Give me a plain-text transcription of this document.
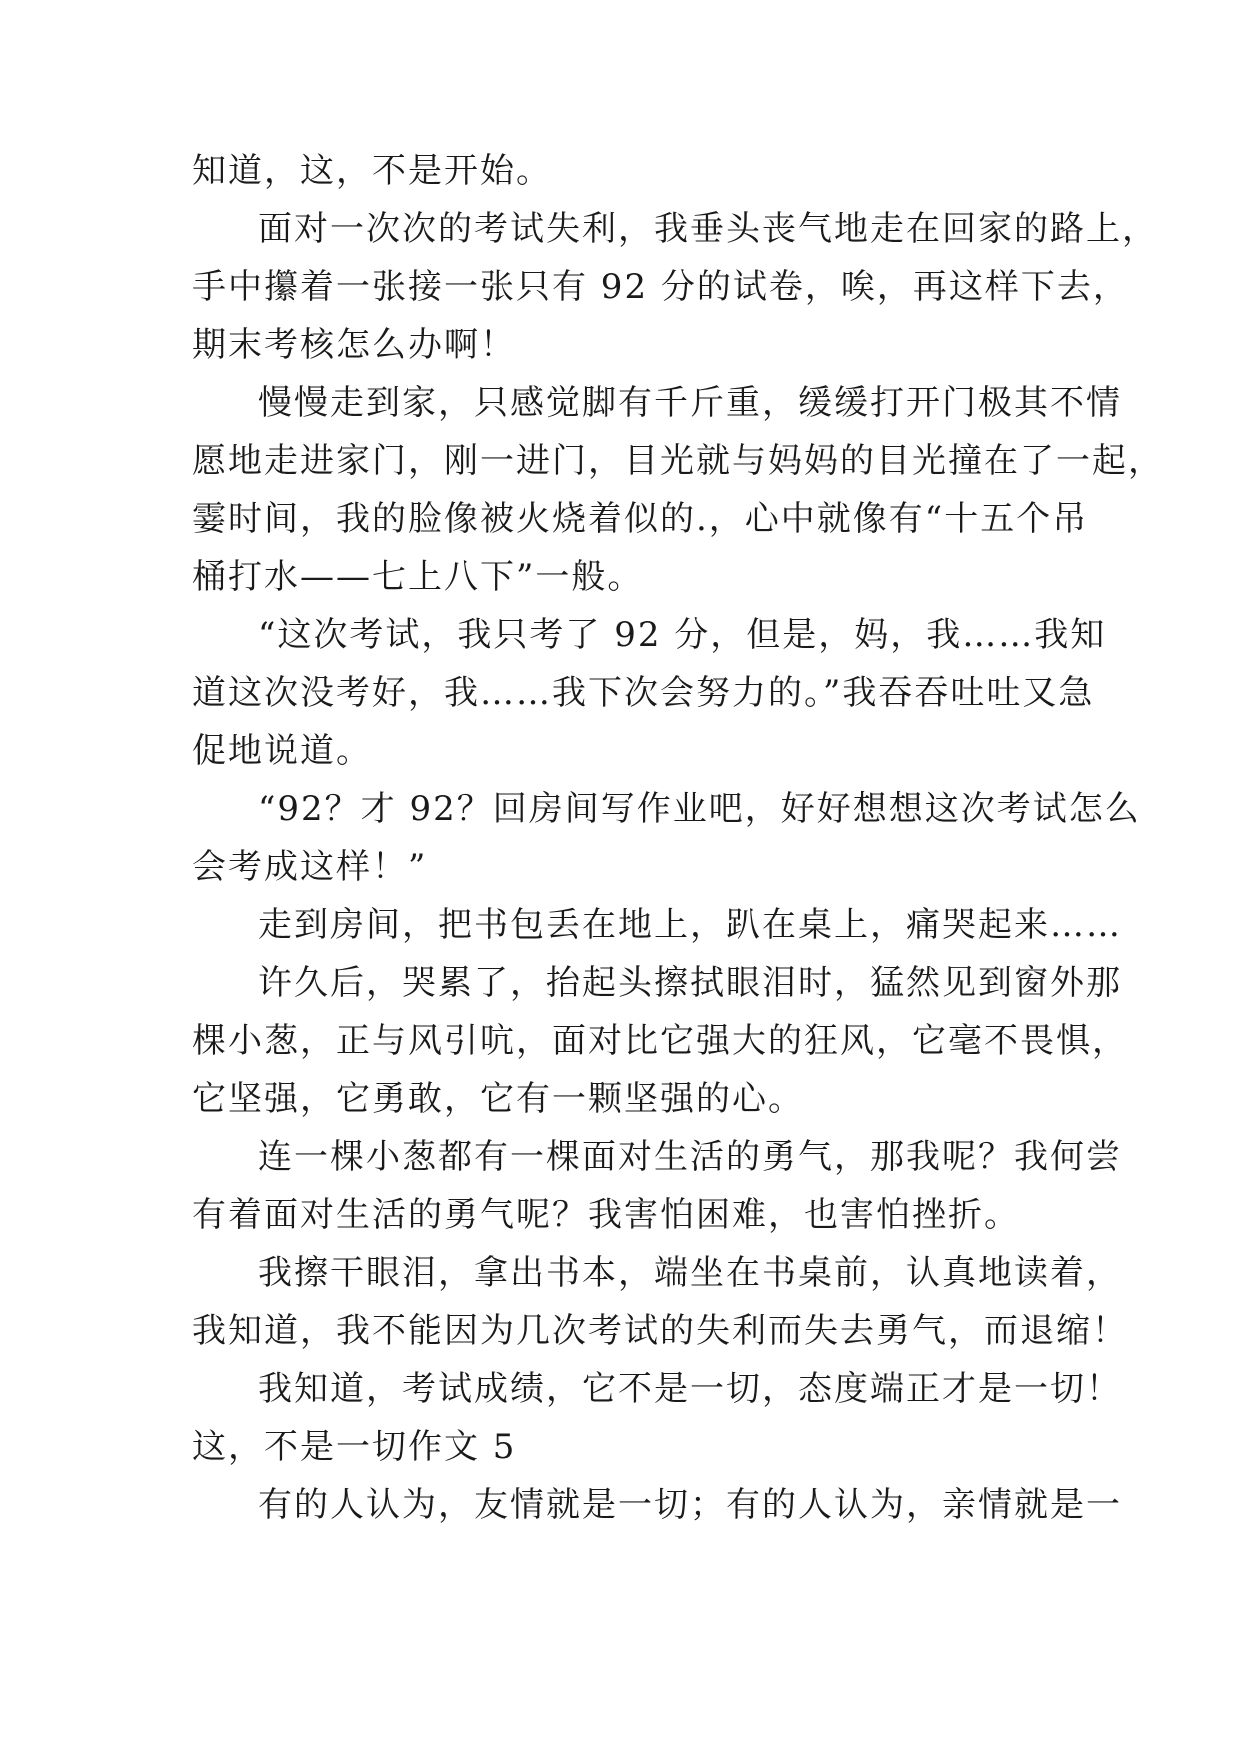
知道，这，不是开始。
面对一次次的考试失利，我垂头丧气地走在回家的路上，
手中攥着一张接一张只有 92 分的试卷，唉，再这样下去，
期末考核怎么办啊！
慢慢走到家，只感觉脚有千斤重，缓缓打开门极其不情
愿地走进家门，刚一进门，目光就与妈妈的目光撞在了一起，
霎时间，我的脸像被火烧着似的.，心中就像有“十五个吊
桶打水——七上八下”一般。
“这次考试，我只考了 92 分，但是，妈，我……我知
道这次没考好，我……我下次会努力的。”我吞吞吐吐又急
促地说道。
“92？才 92？回房间写作业吧，好好想想这次考试怎么
会考成这样！”
走到房间，把书包丢在地上，趴在桌上，痛哭起来……
许久后，哭累了，抬起头擦拭眼泪时，猛然见到窗外那
棵小葱，正与风引吭，面对比它强大的狂风，它毫不畏惧，
它坚强，它勇敢，它有一颗坚强的心。
连一棵小葱都有一棵面对生活的勇气，那我呢？我何尝
有着面对生活的勇气呢？我害怕困难，也害怕挫折。
我擦干眼泪，拿出书本，端坐在书桌前，认真地读着，
我知道，我不能因为几次考试的失利而失去勇气，而退缩！
我知道，考试成绩，它不是一切，态度端正才是一切！
这，不是一切作文 5
有的人认为，友情就是一切；有的人认为，亲情就是一
